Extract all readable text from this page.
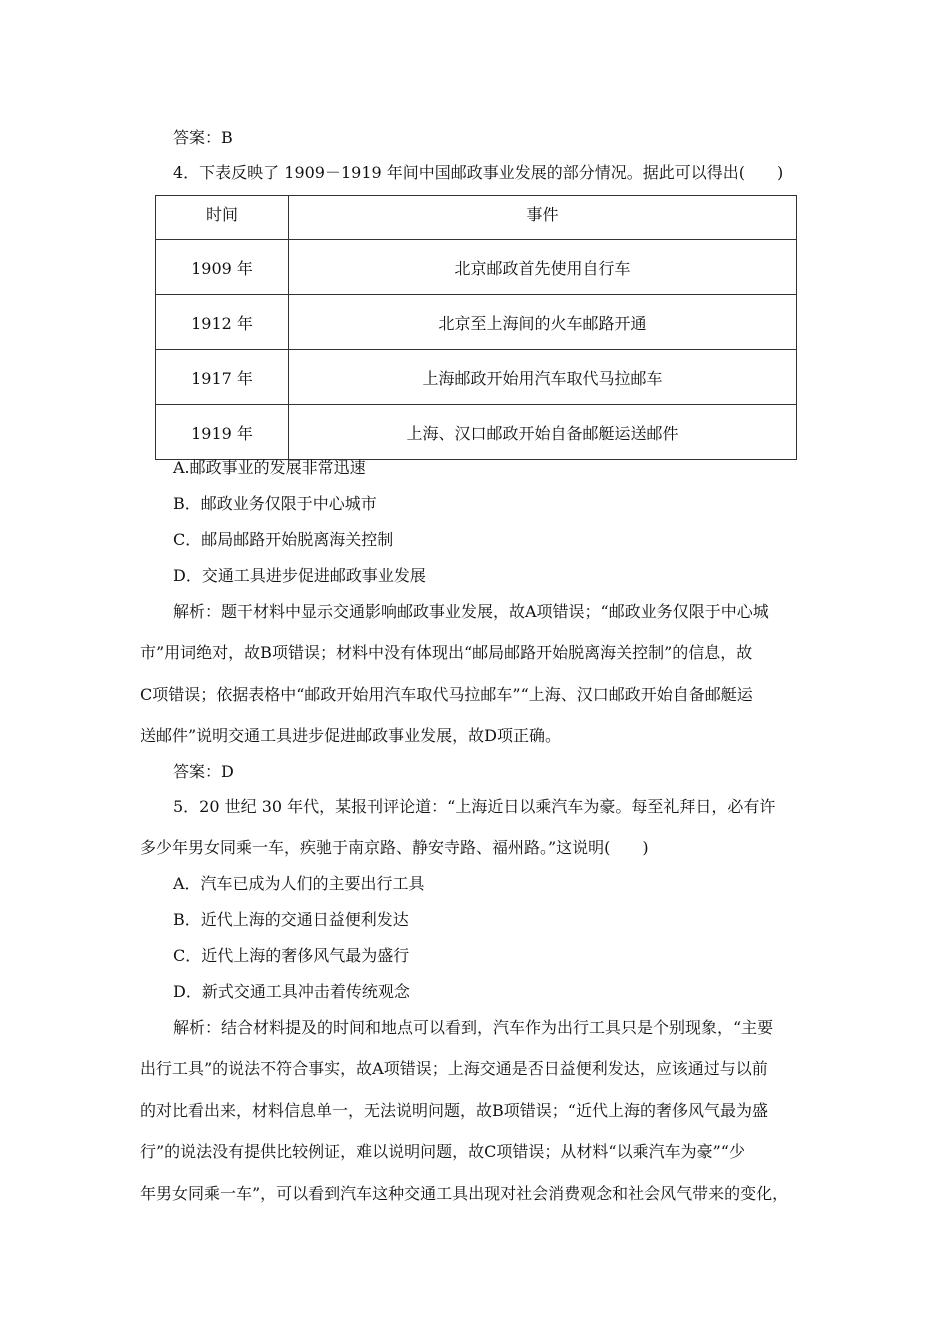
答案：B
4．下表反映了 1909－1919 年间中国邮政事业发展的部分情况。据此可以得出(　　)
时间	事件
1909 年	北京邮政首先使用自行车
1912 年	北京至上海间的火车邮路开通
1917 年	上海邮政开始用汽车取代马拉邮车
1919 年	上海、汉口邮政开始自备邮艇运送邮件
A.邮政事业的发展非常迅速
B．邮政业务仅限于中心城市
C．邮局邮路开始脱离海关控制
D．交通工具进步促进邮政事业发展
解析：题干材料中显示交通影响邮政事业发展，故A项错误；“邮政业务仅限于中心城
市”用词绝对，故B项错误；材料中没有体现出“邮局邮路开始脱离海关控制”的信息，故
C项错误；依据表格中“邮政开始用汽车取代马拉邮车”“上海、汉口邮政开始自备邮艇运
送邮件”说明交通工具进步促进邮政事业发展，故D项正确。
答案：D
5．20 世纪 30 年代，某报刊评论道：“上海近日以乘汽车为豪。每至礼拜日，必有许
多少年男女同乘一车，疾驰于南京路、静安寺路、福州路。”这说明(　　)
A．汽车已成为人们的主要出行工具
B．近代上海的交通日益便利发达
C．近代上海的奢侈风气最为盛行
D．新式交通工具冲击着传统观念
解析：结合材料提及的时间和地点可以看到，汽车作为出行工具只是个别现象，“主要
出行工具”的说法不符合事实，故A项错误；上海交通是否日益便利发达，应该通过与以前
的对比看出来，材料信息单一，无法说明问题，故B项错误；“近代上海的奢侈风气最为盛
行”的说法没有提供比较例证，难以说明问题，故C项错误；从材料“以乘汽车为豪”“少
年男女同乘一车”，可以看到汽车这种交通工具出现对社会消费观念和社会风气带来的变化，
